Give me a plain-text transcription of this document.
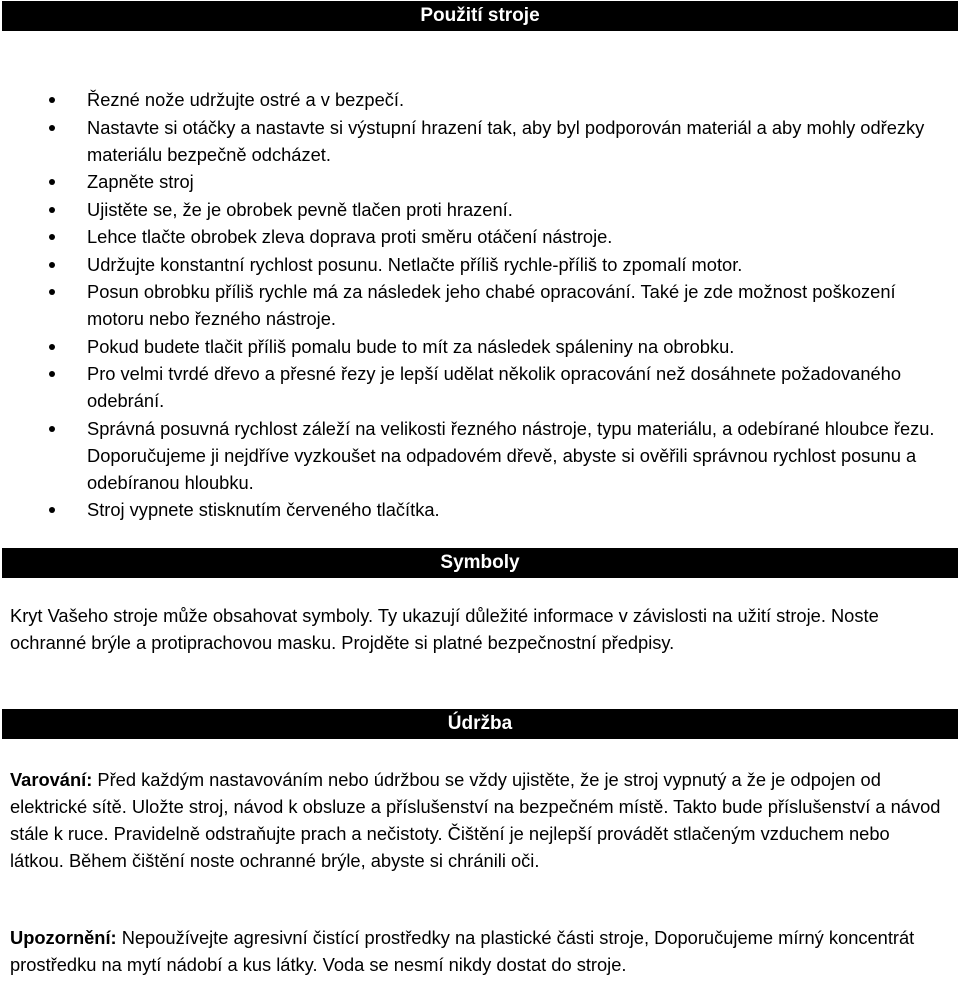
Použití stroje
Řezné nože udržujte ostré a v bezpečí.
Nastavte si otáčky a nastavte si výstupní hrazení tak, aby byl podporován materiál a aby mohly odřezky materiálu bezpečně odcházet.
Zapněte stroj
Ujistěte se, že je obrobek pevně tlačen proti hrazení.
Lehce tlačte obrobek zleva doprava proti směru otáčení nástroje.
Udržujte konstantní rychlost posunu. Netlačte příliš rychle-příliš to zpomalí motor.
Posun obrobku příliš rychle má za následek jeho chabé opracování. Také je zde možnost poškození motoru nebo řezného nástroje.
Pokud budete tlačit příliš pomalu bude to mít za následek spáleniny na obrobku.
Pro velmi tvrdé dřevo a přesné řezy je lepší udělat několik opracování než dosáhnete požadovaného odebrání.
Správná posuvná rychlost záleží na velikosti řezného nástroje, typu materiálu, a odebírané hloubce řezu. Doporučujeme ji nejdříve vyzkoušet na odpadovém dřevě, abyste si ověřili správnou rychlost posunu a odebíranou hloubku.
Stroj vypnete stisknutím červeného tlačítka.
Symboly

Kryt Vašeho stroje může obsahovat symboly. Ty ukazují důležité informace v závislosti na užití stroje. Noste ochranné brýle a protiprachovou masku. Projděte si platné bezpečnostní předpisy.

Údržba

Varování: Před každým nastavováním nebo údržbou se vždy ujistěte, že je stroj vypnutý a že je odpojen od elektrické sítě. Uložte stroj, návod k obsluze a příslušenství na bezpečném místě. Takto bude příslušenství a návod stále k ruce. Pravidelně odstraňujte prach a nečistoty. Čištění je nejlepší provádět stlačeným vzduchem nebo látkou. Během čištění noste ochranné brýle, abyste si chránili oči.

Upozornění: Nepoužívejte agresivní čistící prostředky na plastické části stroje, Doporučujeme mírný koncentrát prostředku na mytí nádobí a kus látky. Voda se nesmí nikdy dostat do stroje.
